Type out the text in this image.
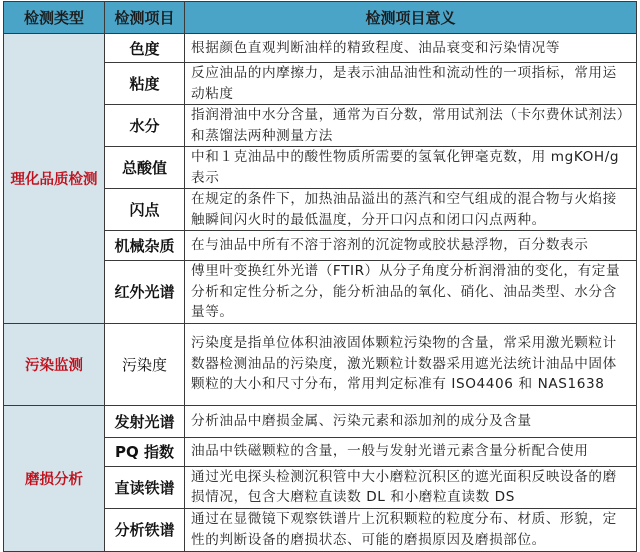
检测类型	检测项目	检测项目意义
理化品质检测	色度	根据颜色直观判断油样的精致程度、油品衰变和污染情况等
	粘度	反应油品的内摩擦力，是表示油品油性和流动性的一项指标，常用运动粘度
	水分	指润滑油中水分含量，通常为百分数，常用试剂法（卡尔费休试剂法）和蒸馏法两种测量方法
	总酸值	中和１克油品中的酸性物质所需要的氢氧化钾毫克数，用 mgKOH/g 表示
	闪点	在规定的条件下，加热油品溢出的蒸汽和空气组成的混合物与火焰接触瞬间闪火时的最低温度，分开口闪点和闭口闪点两种。
	机械杂质	在与油品中所有不溶于溶剂的沉淀物或胶状悬浮物，百分数表示
	红外光谱	傅里叶变换红外光谱（FTIR）从分子角度分析润滑油的变化，有定量分析和定性分析之分，能分析油品的氧化、硝化、油品类型、水分含量等。
污染监测	污染度	污染度是指单位体积油液固体颗粒污染物的含量，常采用激光颗粒计数器检测油品的污染度，激光颗粒计数器采用遮光法统计油品中固体颗粒的大小和尺寸分布，常用判定标准有 ISO4406 和 NAS1638
磨损分析	发射光谱	分析油品中磨损金属、污染元素和添加剂的成分及含量
	PQ 指数	油品中铁磁颗粒的含量，一般与发射光谱元素含量分析配合使用
	直读铁谱	通过光电探头检测沉积管中大小磨粒沉积区的遮光面积反映设备的磨损情况，包含大磨粒直读数 DL 和小磨粒直读数 DS
	分析铁谱	通过在显微镜下观察铁谱片上沉积颗粒的粒度分布、材质、形貌，定性的判断设备的磨损状态、可能的磨损原因及磨损部位。
